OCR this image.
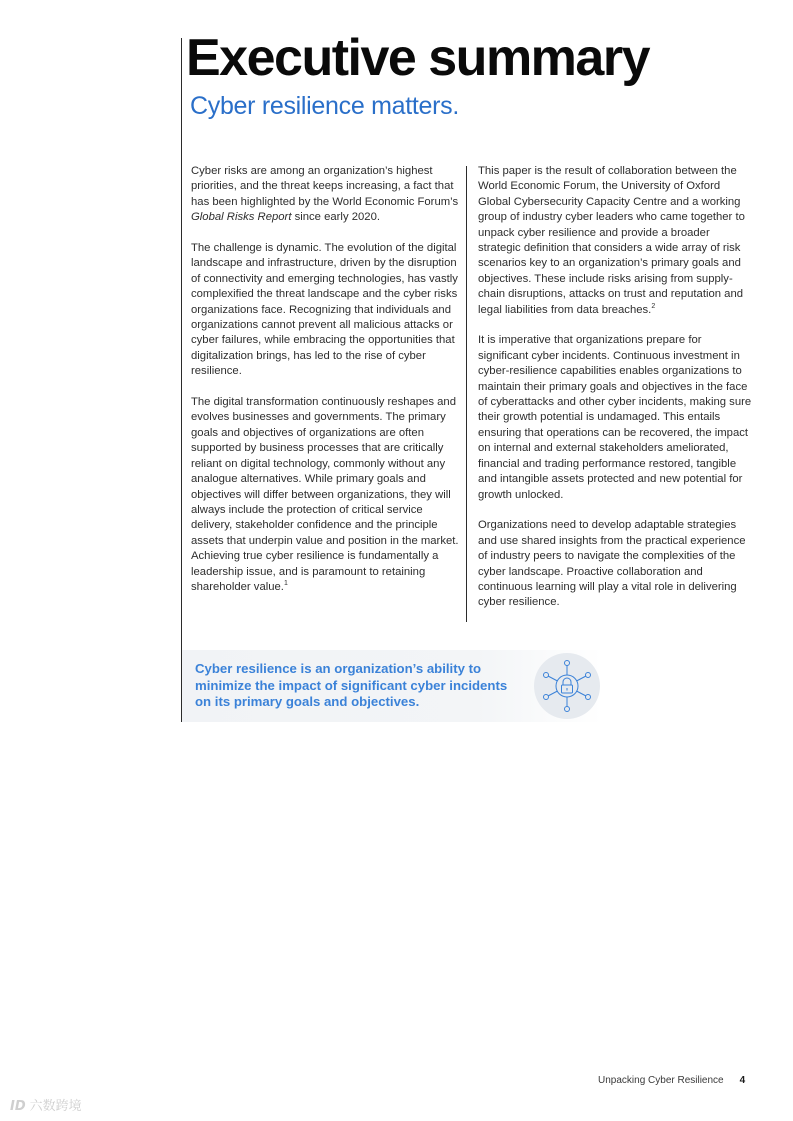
Executive summary
Cyber resilience matters.

Cyber risks are among an organization’s highest priorities, and the threat keeps increasing, a fact that has been highlighted by the World Economic Forum’s Global Risks Report since early 2020.

The challenge is dynamic. The evolution of the digital landscape and infrastructure, driven by the disruption of connectivity and emerging technologies, has vastly complexified the threat landscape and the cyber risks organizations face. Recognizing that individuals and organizations cannot prevent all malicious attacks or cyber failures, while embracing the opportunities that digitalization brings, has led to the rise of cyber resilience.

The digital transformation continuously reshapes and evolves businesses and governments. The primary goals and objectives of organizations are often supported by business processes that are critically reliant on digital technology, commonly without any analogue alternatives. While primary goals and objectives will differ between organizations, they will always include the protection of critical service delivery, stakeholder confidence and the principle assets that underpin value and position in the market. Achieving true cyber resilience is fundamentally a leadership issue, and is paramount to retaining shareholder value.$^1$

This paper is the result of collaboration between the World Economic Forum, the University of Oxford Global Cybersecurity Capacity Centre and a working group of industry cyber leaders who came together to unpack cyber resilience and provide a broader strategic definition that considers a wide array of risk scenarios key to an organization’s primary goals and objectives. These include risks arising from supply-chain disruptions, attacks on trust and reputation and legal liabilities from data breaches.$^2$

It is imperative that organizations prepare for significant cyber incidents. Continuous investment in cyber-resilience capabilities enables organizations to maintain their primary goals and objectives in the face of cyberattacks and other cyber incidents, making sure their growth potential is undamaged. This entails ensuring that operations can be recovered, the impact on internal and external stakeholders ameliorated, financial and trading performance restored, tangible and intangible assets protected and new potential for growth unlocked.

Organizations need to develop adaptable strategies and use shared insights from the practical experience of industry peers to navigate the complexities of the cyber landscape. Proactive collaboration and continuous learning will play a vital role in delivering cyber resilience.

Cyber resilience is an organization’s ability to minimize the impact of significant cyber incidents on its primary goals and objectives.
Unpacking Cyber Resilience 4
ID 六数跨境
